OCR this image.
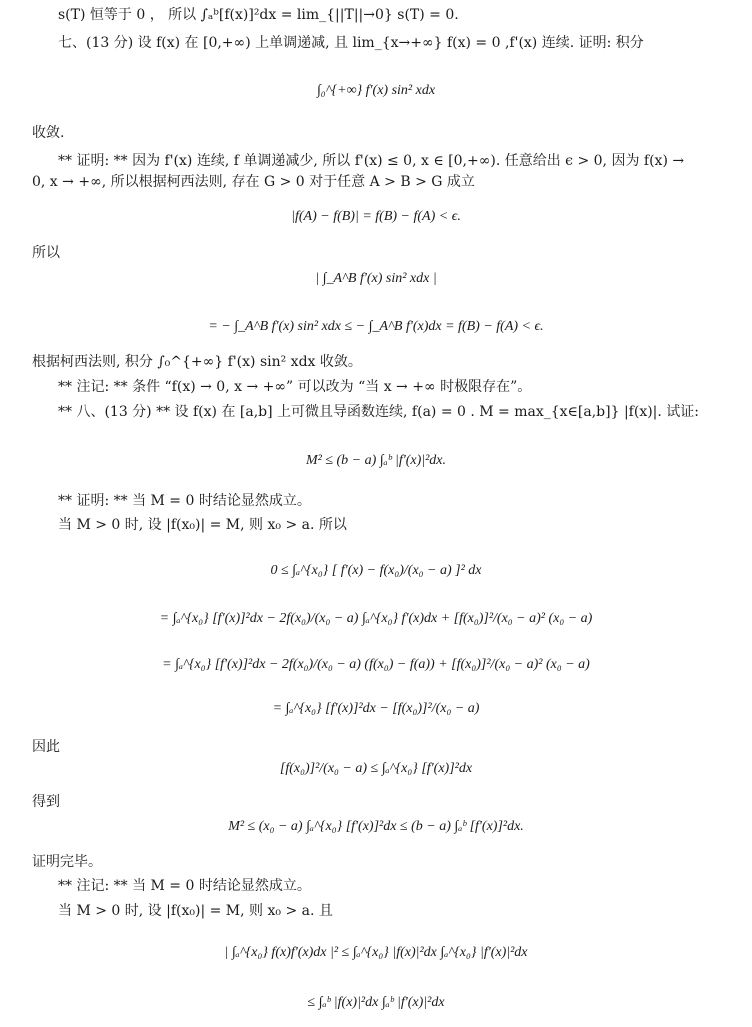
s(T) 恒等于 0 ， 所以 ∫ₐᵇ[f(x)]²dx = lim_{||T||→0} s(T) = 0.
七、(13 分) 设 f(x) 在 [0,+∞) 上单调递减, 且 lim_{x→+∞} f(x) = 0 ,f'(x) 连续. 证明: 积分
∫₀^{+∞} f'(x) sin² xdx
收敛.
** 证明: ** 因为 f'(x) 连续, f 单调递减少, 所以 f'(x) ≤ 0, x ∈ [0,+∞). 任意给出 ϵ > 0, 因为 f(x) →
0, x → +∞, 所以根据柯西法则, 存在 G > 0 对于任意 A > B > G 成立
|f(A) − f(B)| = f(B) − f(A) < ϵ.
所以
| ∫_A^B f'(x) sin² xdx |
= − ∫_A^B f'(x) sin² xdx ≤ − ∫_A^B f'(x)dx = f(B) − f(A) < ϵ.
根据柯西法则, 积分 ∫₀^{+∞} f'(x) sin² xdx 收敛。
** 注记: ** 条件 “f(x) → 0, x → +∞” 可以改为 “当 x → +∞ 时极限存在”。
** 八、(13 分) ** 设 f(x) 在 [a,b] 上可微且导函数连续, f(a) = 0 . M = max_{x∈[a,b]} |f(x)|. 试证:
M² ≤ (b − a) ∫ₐᵇ |f'(x)|²dx.
** 证明: ** 当 M = 0 时结论显然成立。
当 M > 0 时, 设 |f(x₀)| = M, 则 x₀ > a. 所以
0 ≤ ∫ₐ^{x₀} [ f'(x) − f(x₀)/(x₀ − a) ]² dx
= ∫ₐ^{x₀} [f'(x)]²dx − 2f(x₀)/(x₀ − a) ∫ₐ^{x₀} f'(x)dx + [f(x₀)]²/(x₀ − a)² (x₀ − a)
= ∫ₐ^{x₀} [f'(x)]²dx − 2f(x₀)/(x₀ − a) (f(x₀) − f(a)) + [f(x₀)]²/(x₀ − a)² (x₀ − a)
= ∫ₐ^{x₀} [f'(x)]²dx − [f(x₀)]²/(x₀ − a)
因此
[f(x₀)]²/(x₀ − a) ≤ ∫ₐ^{x₀} [f'(x)]²dx
得到
M² ≤ (x₀ − a) ∫ₐ^{x₀} [f'(x)]²dx ≤ (b − a) ∫ₐᵇ [f'(x)]²dx.
证明完毕。
** 注记: ** 当 M = 0 时结论显然成立。
当 M > 0 时, 设 |f(x₀)| = M, 则 x₀ > a. 且
| ∫ₐ^{x₀} f(x)f'(x)dx |² ≤ ∫ₐ^{x₀} |f(x)|²dx ∫ₐ^{x₀} |f'(x)|²dx
≤ ∫ₐᵇ |f(x)|²dx ∫ₐᵇ |f'(x)|²dx
